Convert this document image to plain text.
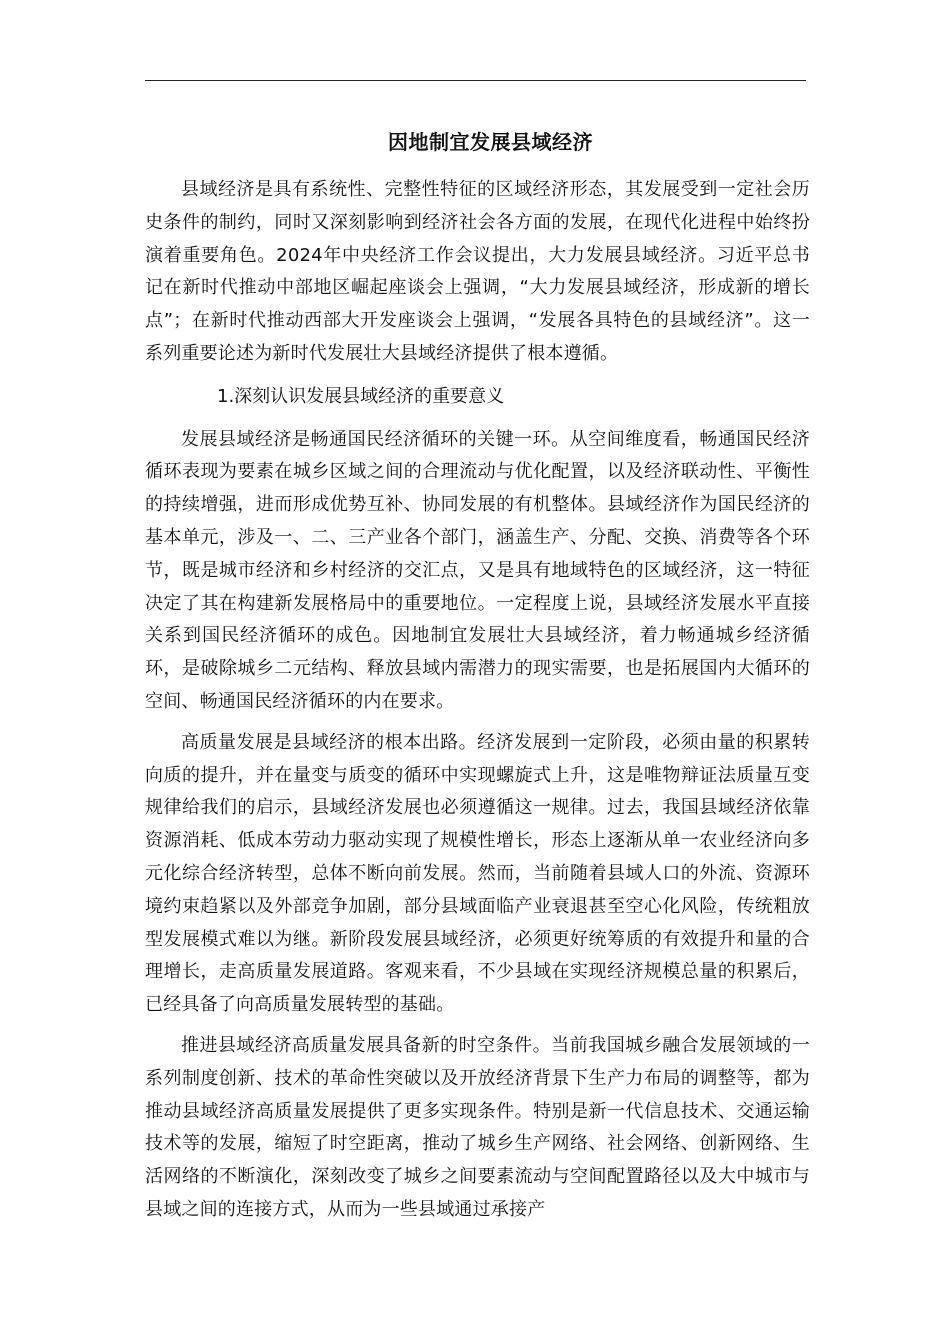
因地制宜发展县域经济

县域经济是具有系统性、完整性特征的区域经济形态，其发展受到一定社会历史条件的制约，同时又深刻影响到经济社会各方面的发展，在现代化进程中始终扮演着重要角色。2024年中央经济工作会议提出，大力发展县域经济。习近平总书记在新时代推动中部地区崛起座谈会上强调，“大力发展县域经济，形成新的增长点”；在新时代推动西部大开发座谈会上强调，“发展各具特色的县域经济”。这一系列重要论述为新时代发展壮大县域经济提供了根本遵循。

1.深刻认识发展县域经济的重要意义

发展县域经济是畅通国民经济循环的关键一环。从空间维度看，畅通国民经济循环表现为要素在城乡区域之间的合理流动与优化配置，以及经济联动性、平衡性的持续增强，进而形成优势互补、协同发展的有机整体。县域经济作为国民经济的基本单元，涉及一、二、三产业各个部门，涵盖生产、分配、交换、消费等各个环节，既是城市经济和乡村经济的交汇点，又是具有地域特色的区域经济，这一特征决定了其在构建新发展格局中的重要地位。一定程度上说，县域经济发展水平直接关系到国民经济循环的成色。因地制宜发展壮大县域经济，着力畅通城乡经济循环，是破除城乡二元结构、释放县域内需潜力的现实需要，也是拓展国内大循环的空间、畅通国民经济循环的内在要求。

高质量发展是县域经济的根本出路。经济发展到一定阶段，必须由量的积累转向质的提升，并在量变与质变的循环中实现螺旋式上升，这是唯物辩证法质量互变规律给我们的启示，县域经济发展也必须遵循这一规律。过去，我国县域经济依靠资源消耗、低成本劳动力驱动实现了规模性增长，形态上逐渐从单一农业经济向多元化综合经济转型，总体不断向前发展。然而，当前随着县域人口的外流、资源环境约束趋紧以及外部竞争加剧，部分县域面临产业衰退甚至空心化风险，传统粗放型发展模式难以为继。新阶段发展县域经济，必须更好统筹质的有效提升和量的合理增长，走高质量发展道路。客观来看，不少县域在实现经济规模总量的积累后，已经具备了向高质量发展转型的基础。

推进县域经济高质量发展具备新的时空条件。当前我国城乡融合发展领域的一系列制度创新、技术的革命性突破以及开放经济背景下生产力布局的调整等，都为推动县域经济高质量发展提供了更多实现条件。特别是新一代信息技术、交通运输技术等的发展，缩短了时空距离，推动了城乡生产网络、社会网络、创新网络、生活网络的不断演化，深刻改变了城乡之间要素流动与空间配置路径以及大中城市与县域之间的连接方式，从而为一些县域通过承接产
